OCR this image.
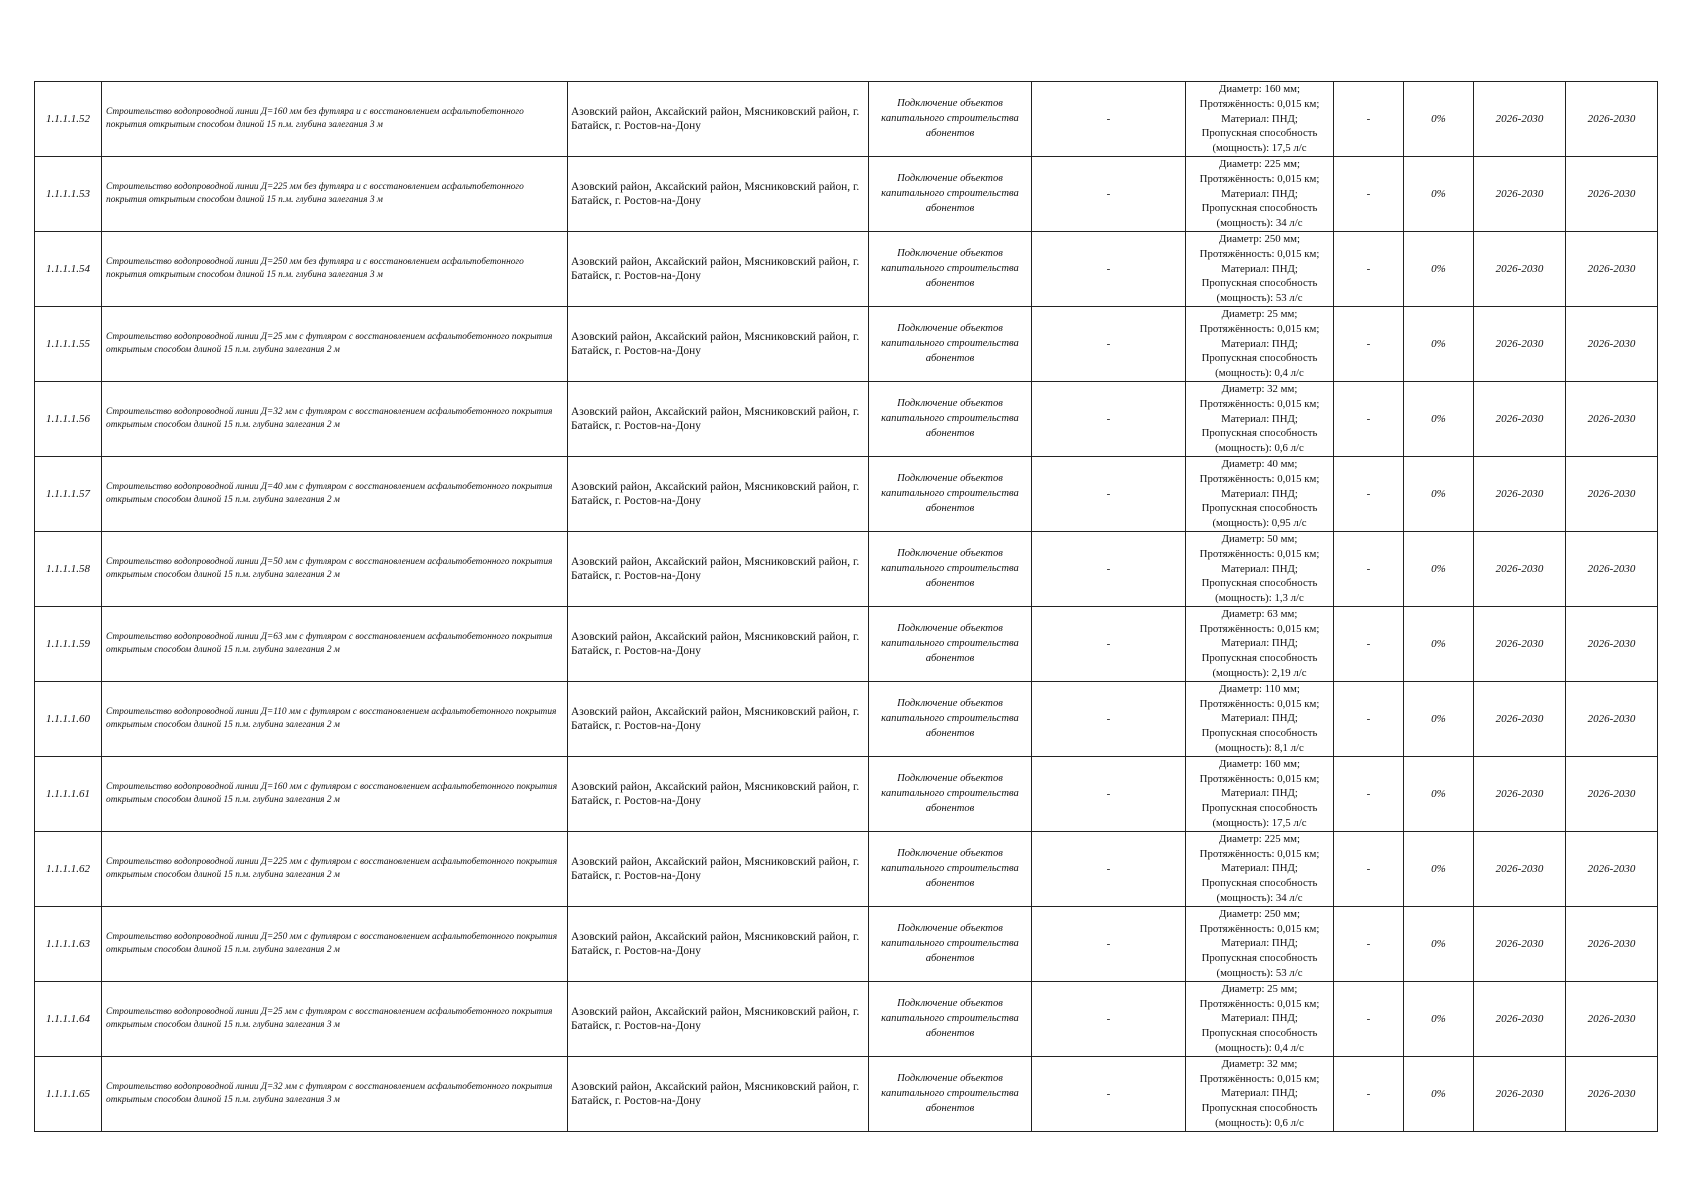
1.1.1.1.52	Строительство водопроводной линии Д=160 мм без футляра и с восстановлением асфальтобетонного покрытия открытым способом длиной 15 п.м. глубина залегания 3 м	Азовский район, Аксайский район, Мясниковский район, г. Батайск, г. Ростов-на-Дону	Подключение объектов капитального строительства абонентов	-	Диаметр: 160 мм;
Протяжённость: 0,015 км;
Материал: ПНД;
Пропускная способность
(мощность): 17,5 л/с	-	0%	2026-2030	2026-2030
1.1.1.1.53	Строительство водопроводной линии Д=225 мм без футляра и с восстановлением асфальтобетонного покрытия открытым способом длиной 15 п.м. глубина залегания 3 м	Азовский район, Аксайский район, Мясниковский район, г. Батайск, г. Ростов-на-Дону	Подключение объектов капитального строительства абонентов	-	Диаметр: 225 мм;
Протяжённость: 0,015 км;
Материал: ПНД;
Пропускная способность
(мощность): 34 л/с	-	0%	2026-2030	2026-2030
1.1.1.1.54	Строительство водопроводной линии Д=250 мм без футляра и с восстановлением асфальтобетонного покрытия открытым способом длиной 15 п.м. глубина залегания 3 м	Азовский район, Аксайский район, Мясниковский район, г. Батайск, г. Ростов-на-Дону	Подключение объектов капитального строительства абонентов	-	Диаметр: 250 мм;
Протяжённость: 0,015 км;
Материал: ПНД;
Пропускная способность
(мощность): 53 л/с	-	0%	2026-2030	2026-2030
1.1.1.1.55	Строительство водопроводной линии Д=25 мм с футляром с восстановлением асфальтобетонного покрытия открытым способом длиной 15 п.м. глубина залегания 2 м	Азовский район, Аксайский район, Мясниковский район, г. Батайск, г. Ростов-на-Дону	Подключение объектов капитального строительства абонентов	-	Диаметр: 25 мм;
Протяжённость: 0,015 км;
Материал: ПНД;
Пропускная способность
(мощность): 0,4 л/с	-	0%	2026-2030	2026-2030
1.1.1.1.56	Строительство водопроводной линии Д=32 мм с футляром с восстановлением асфальтобетонного покрытия открытым способом длиной 15 п.м. глубина залегания 2 м	Азовский район, Аксайский район, Мясниковский район, г. Батайск, г. Ростов-на-Дону	Подключение объектов капитального строительства абонентов	-	Диаметр: 32 мм;
Протяжённость: 0,015 км;
Материал: ПНД;
Пропускная способность
(мощность): 0,6 л/с	-	0%	2026-2030	2026-2030
1.1.1.1.57	Строительство водопроводной линии Д=40 мм с футляром с восстановлением асфальтобетонного покрытия открытым способом длиной 15 п.м. глубина залегания 2 м	Азовский район, Аксайский район, Мясниковский район, г. Батайск, г. Ростов-на-Дону	Подключение объектов капитального строительства абонентов	-	Диаметр: 40 мм;
Протяжённость: 0,015 км;
Материал: ПНД;
Пропускная способность
(мощность): 0,95 л/с	-	0%	2026-2030	2026-2030
1.1.1.1.58	Строительство водопроводной линии Д=50 мм с футляром с восстановлением асфальтобетонного покрытия открытым способом длиной 15 п.м. глубина залегания 2 м	Азовский район, Аксайский район, Мясниковский район, г. Батайск, г. Ростов-на-Дону	Подключение объектов капитального строительства абонентов	-	Диаметр: 50 мм;
Протяжённость: 0,015 км;
Материал: ПНД;
Пропускная способность
(мощность): 1,3 л/с	-	0%	2026-2030	2026-2030
1.1.1.1.59	Строительство водопроводной линии Д=63 мм с футляром с восстановлением асфальтобетонного покрытия открытым способом длиной 15 п.м. глубина залегания 2 м	Азовский район, Аксайский район, Мясниковский район, г. Батайск, г. Ростов-на-Дону	Подключение объектов капитального строительства абонентов	-	Диаметр: 63 мм;
Протяжённость: 0,015 км;
Материал: ПНД;
Пропускная способность
(мощность): 2,19 л/с	-	0%	2026-2030	2026-2030
1.1.1.1.60	Строительство водопроводной линии Д=110 мм с футляром с восстановлением асфальтобетонного покрытия открытым способом длиной 15 п.м. глубина залегания 2 м	Азовский район, Аксайский район, Мясниковский район, г. Батайск, г. Ростов-на-Дону	Подключение объектов капитального строительства абонентов	-	Диаметр: 110 мм;
Протяжённость: 0,015 км;
Материал: ПНД;
Пропускная способность
(мощность): 8,1 л/с	-	0%	2026-2030	2026-2030
1.1.1.1.61	Строительство водопроводной линии Д=160 мм с футляром с восстановлением асфальтобетонного покрытия открытым способом длиной 15 п.м. глубина залегания 2 м	Азовский район, Аксайский район, Мясниковский район, г. Батайск, г. Ростов-на-Дону	Подключение объектов капитального строительства абонентов	-	Диаметр: 160 мм;
Протяжённость: 0,015 км;
Материал: ПНД;
Пропускная способность
(мощность): 17,5 л/с	-	0%	2026-2030	2026-2030
1.1.1.1.62	Строительство водопроводной линии Д=225 мм с футляром с восстановлением асфальтобетонного покрытия открытым способом длиной 15 п.м. глубина залегания 2 м	Азовский район, Аксайский район, Мясниковский район, г. Батайск, г. Ростов-на-Дону	Подключение объектов капитального строительства абонентов	-	Диаметр: 225 мм;
Протяжённость: 0,015 км;
Материал: ПНД;
Пропускная способность
(мощность): 34 л/с	-	0%	2026-2030	2026-2030
1.1.1.1.63	Строительство водопроводной линии Д=250 мм с футляром с восстановлением асфальтобетонного покрытия открытым способом длиной 15 п.м. глубина залегания 2 м	Азовский район, Аксайский район, Мясниковский район, г. Батайск, г. Ростов-на-Дону	Подключение объектов капитального строительства абонентов	-	Диаметр: 250 мм;
Протяжённость: 0,015 км;
Материал: ПНД;
Пропускная способность
(мощность): 53 л/с	-	0%	2026-2030	2026-2030
1.1.1.1.64	Строительство водопроводной линии Д=25 мм с футляром с восстановлением асфальтобетонного покрытия открытым способом длиной 15 п.м. глубина залегания 3 м	Азовский район, Аксайский район, Мясниковский район, г. Батайск, г. Ростов-на-Дону	Подключение объектов капитального строительства абонентов	-	Диаметр: 25 мм;
Протяжённость: 0,015 км;
Материал: ПНД;
Пропускная способность
(мощность): 0,4 л/с	-	0%	2026-2030	2026-2030
1.1.1.1.65	Строительство водопроводной линии Д=32 мм с футляром с восстановлением асфальтобетонного покрытия открытым способом длиной 15 п.м. глубина залегания 3 м	Азовский район, Аксайский район, Мясниковский район, г. Батайск, г. Ростов-на-Дону	Подключение объектов капитального строительства абонентов	-	Диаметр: 32 мм;
Протяжённость: 0,015 км;
Материал: ПНД;
Пропускная способность
(мощность): 0,6 л/с	-	0%	2026-2030	2026-2030
